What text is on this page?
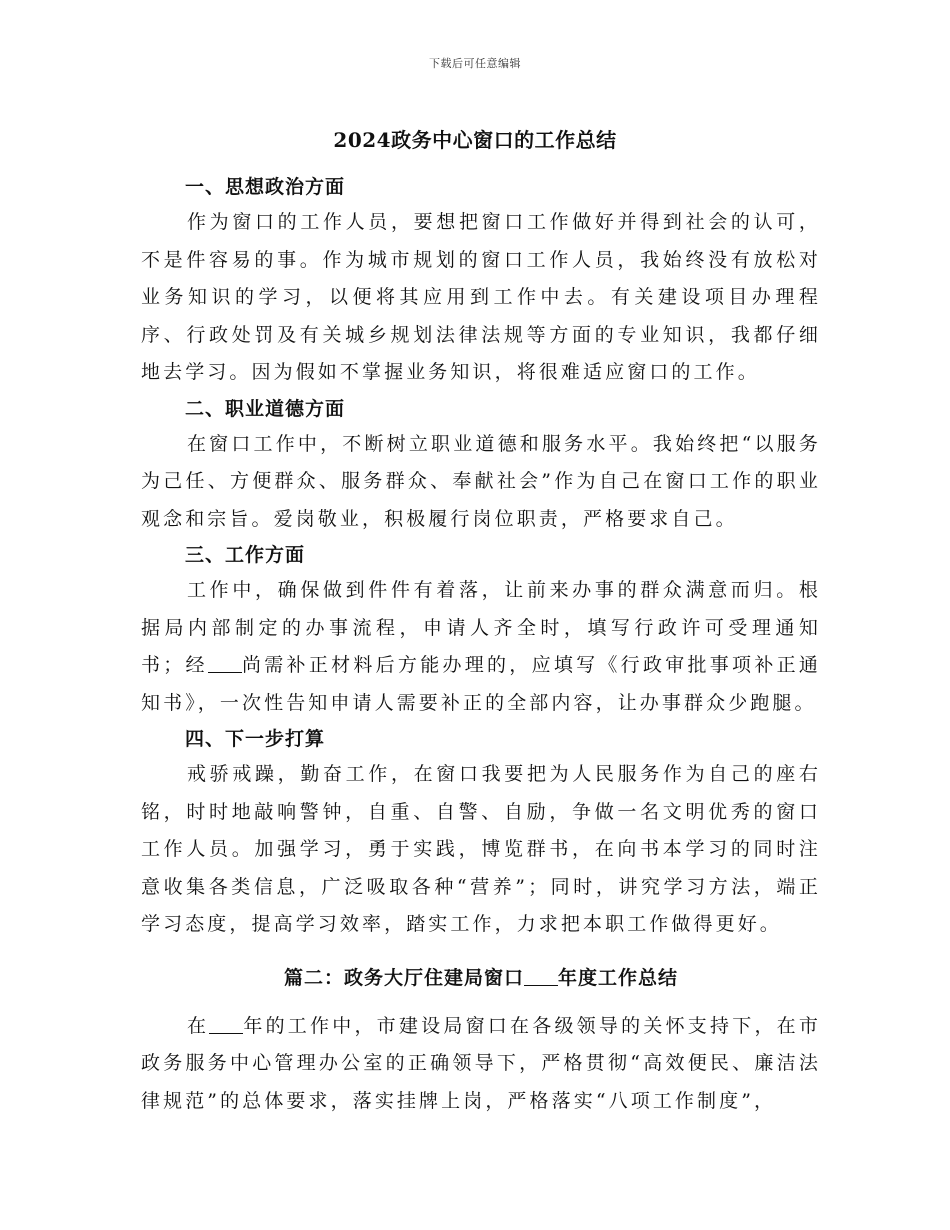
下载后可任意编辑
2024政务中心窗口的工作总结

一、思想政治方面

作为窗口的工作人员，要想把窗口工作做好并得到社会的认可，不是件容易的事。作为城市规划的窗口工作人员，我始终没有放松对业务知识的学习，以便将其应用到工作中去。有关建设项目办理程序、行政处罚及有关城乡规划法律法规等方面的专业知识，我都仔细地去学习。因为假如不掌握业务知识，将很难适应窗口的工作。

二、职业道德方面

在窗口工作中，不断树立职业道德和服务水平。我始终把“以服务为己任、方便群众、服务群众、奉献社会”作为自己在窗口工作的职业观念和宗旨。爱岗敬业，积极履行岗位职责，严格要求自己。

三、工作方面

工作中，确保做到件件有着落，让前来办事的群众满意而归。根据局内部制定的办事流程，申请人齐全时，填写行政许可受理通知书；经 尚需补正材料后方能办理的，应填写《行政审批事项补正通知书》，一次性告知申请人需要补正的全部内容，让办事群众少跑腿。

四、下一步打算

戒骄戒躁，勤奋工作，在窗口我要把为人民服务作为自己的座右铭，时时地敲响警钟，自重、自警、自励，争做一名文明优秀的窗口工作人员。加强学习，勇于实践，博览群书，在向书本学习的同时注意收集各类信息，广泛吸取各种“营养”；同时，讲究学习方法，端正学习态度，提高学习效率，踏实工作，力求把本职工作做得更好。

篇二：政务大厅住建局窗口 年度工作总结

在 年的工作中，市建设局窗口在各级领导的关怀支持下，在市政务服务中心管理办公室的正确领导下，严格贯彻“高效便民、廉洁法律规范”的总体要求，落实挂牌上岗，严格落实“八项工作制度”，
